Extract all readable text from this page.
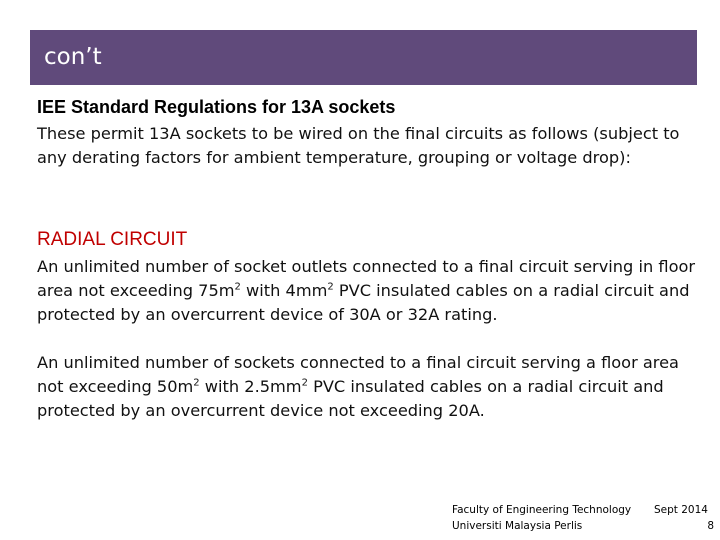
con’t
IEE Standard Regulations for 13A sockets

These permit 13A sockets to be wired on the final circuits as follows (subject to any derating factors for ambient temperature, grouping or voltage drop):

RADIAL CIRCUIT

An unlimited number of socket outlets connected to a final circuit serving in floor area not exceeding $75m^2$ with $4mm^2$ PVC insulated cables on a radial circuit and protected by an overcurrent device of 30A or 32A rating.

An unlimited number of sockets connected to a final circuit serving a floor area not exceeding $50m^2$ with $2.5mm^2$ PVC insulated cables on a radial circuit and protected by an overcurrent device not exceeding 20A.

Faculty of Engineering Technology
Universiti Malaysia Perlis
Sept 2014
8
